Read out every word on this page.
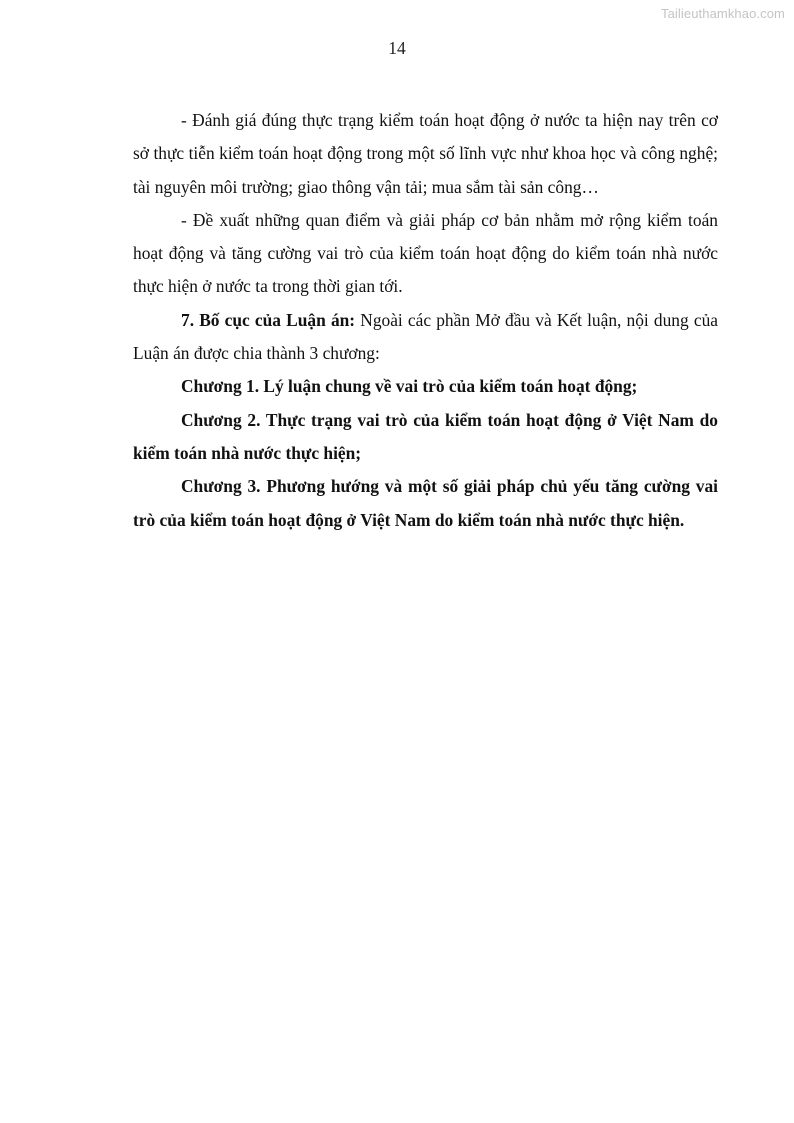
Tailieuthamkhao.com
14

- Đánh giá đúng thực trạng kiểm toán hoạt động ở nước ta hiện nay trên cơ sở thực tiễn kiểm toán hoạt động trong một số lĩnh vực như khoa học và công nghệ; tài nguyên môi trường; giao thông vận tải; mua sắm tài sản công…

- Đề xuất những quan điểm và giải pháp cơ bản nhằm mở rộng kiểm toán hoạt động và tăng cường vai trò của kiểm toán hoạt động do kiểm toán nhà nước thực hiện ở nước ta trong thời gian tới.

7. Bố cục của Luận án: Ngoài các phần Mở đầu và Kết luận, nội dung của Luận án được chia thành 3 chương:

Chương 1. Lý luận chung về vai trò của kiểm toán hoạt động;

Chương 2. Thực trạng vai trò của kiểm toán hoạt động ở Việt Nam do kiểm toán nhà nước thực hiện;

Chương 3. Phương hướng và một số giải pháp chủ yếu tăng cường vai trò của kiểm toán hoạt động ở Việt Nam do kiểm toán nhà nước thực hiện.
